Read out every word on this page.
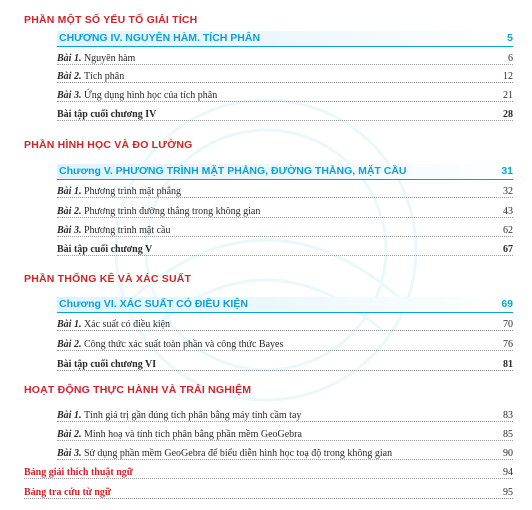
PHẦN MỘT SỐ YẾU TỐ GIẢI TÍCH
CHƯƠNG IV. NGUYÊN HÀM. TÍCH PHÂN	5
Bài 1. Nguyên hàm	6
Bài 2. Tích phân	12
Bài 3. Ứng dụng hình học của tích phân	21
Bài tập cuối chương IV	28
PHẦN HÌNH HỌC VÀ ĐO LƯỜNG
Chương V. PHƯƠNG TRÌNH MẶT PHẲNG, ĐƯỜNG THẲNG, MẶT CẦU	31
Bài 1. Phương trình mặt phẳng	32
Bài 2. Phương trình đường thẳng trong không gian	43
Bài 3. Phương trình mặt cầu	62
Bài tập cuối chương V	67
PHẦN THỐNG KÊ VÀ XÁC SUẤT
Chương VI. XÁC SUẤT CÓ ĐIỀU KIỆN	69
Bài 1. Xác suất có điều kiện	70
Bài 2. Công thức xác suất toàn phần và công thức Bayes	76
Bài tập cuối chương VI	81
HOẠT ĐỘNG THỰC HÀNH VÀ TRẢI NGHIỆM
Bài 1. Tính giá trị gần đúng tích phân bằng máy tính cầm tay	83
Bài 2. Minh hoạ và tính tích phân bằng phần mềm GeoGebra	85
Bài 3. Sử dụng phần mềm GeoGebra để biểu diễn hình học toạ độ trong không gian	90
Bảng giải thích thuật ngữ	94
Bảng tra cứu từ ngữ	95
